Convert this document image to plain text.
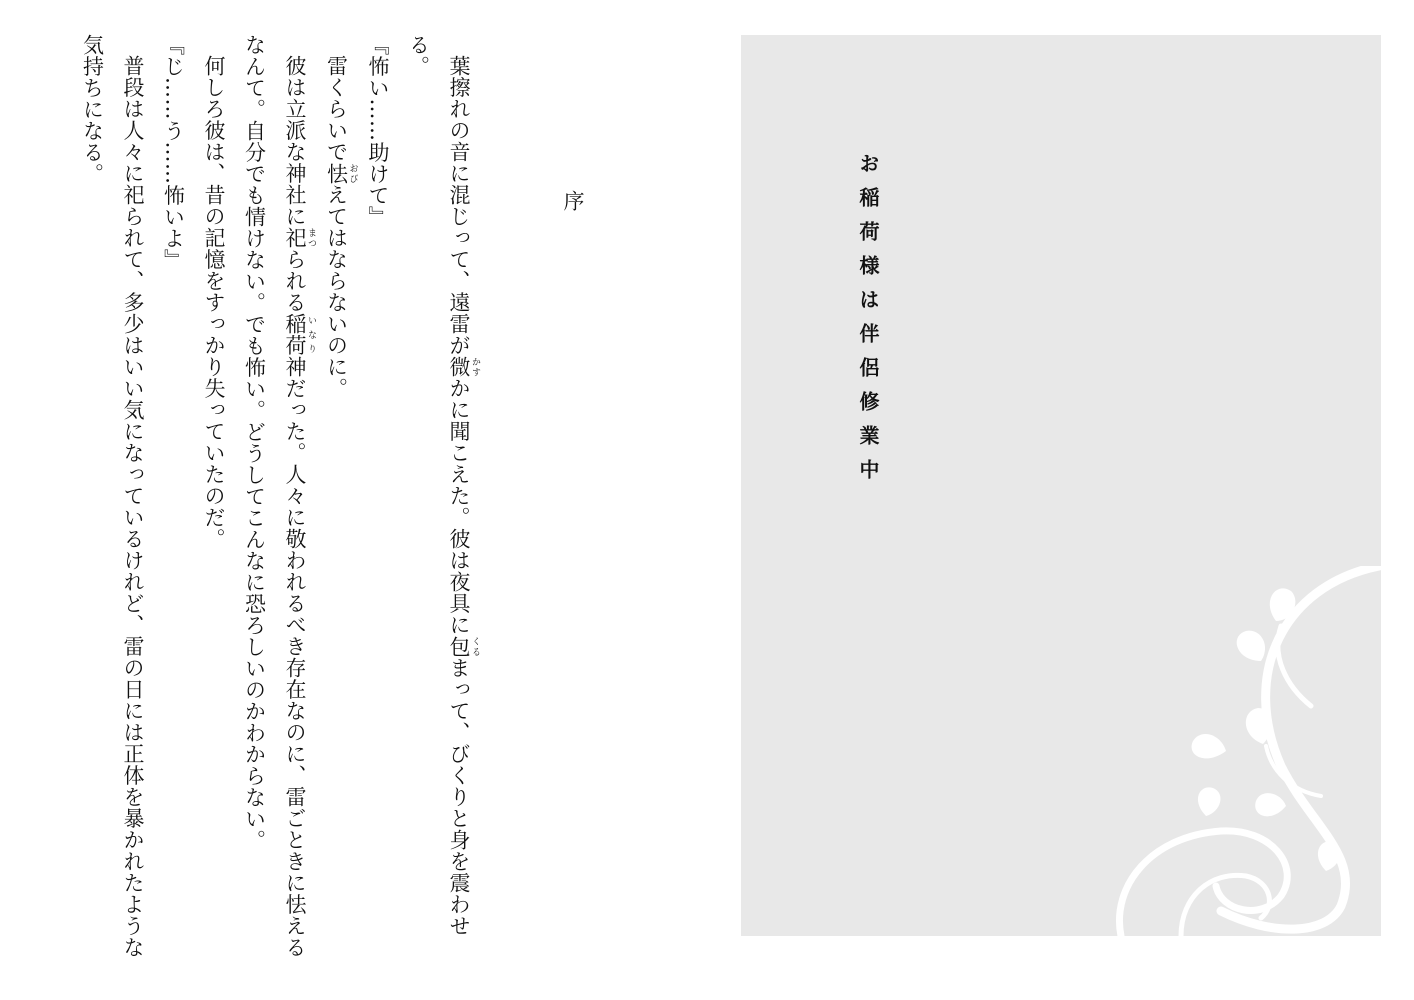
序

葉擦れの音に混じって、遠雷が微 かすかに聞こえた。彼は夜具に包 くるまって、びくりと身を震わせる。

『怖い……助けて』

雷くらいで怯 おびえてはならないのに。

彼は立派な神社に祀 まつられる稲荷 いなり神だった。人々に敬われるべき存在なのに、雷ごときに怯えるなんて。自分でも情けない。でも怖い。どうしてこんなに恐ろしいのかわからない。

何しろ彼は、昔の記憶をすっかり失っていたのだ。

『じ……う……怖いよ』

普段は人々に祀られて、多少はいい気になっているけれど、雷の日には正体を暴かれたような気持ちになる。

お稲荷様は伴侶修業中
